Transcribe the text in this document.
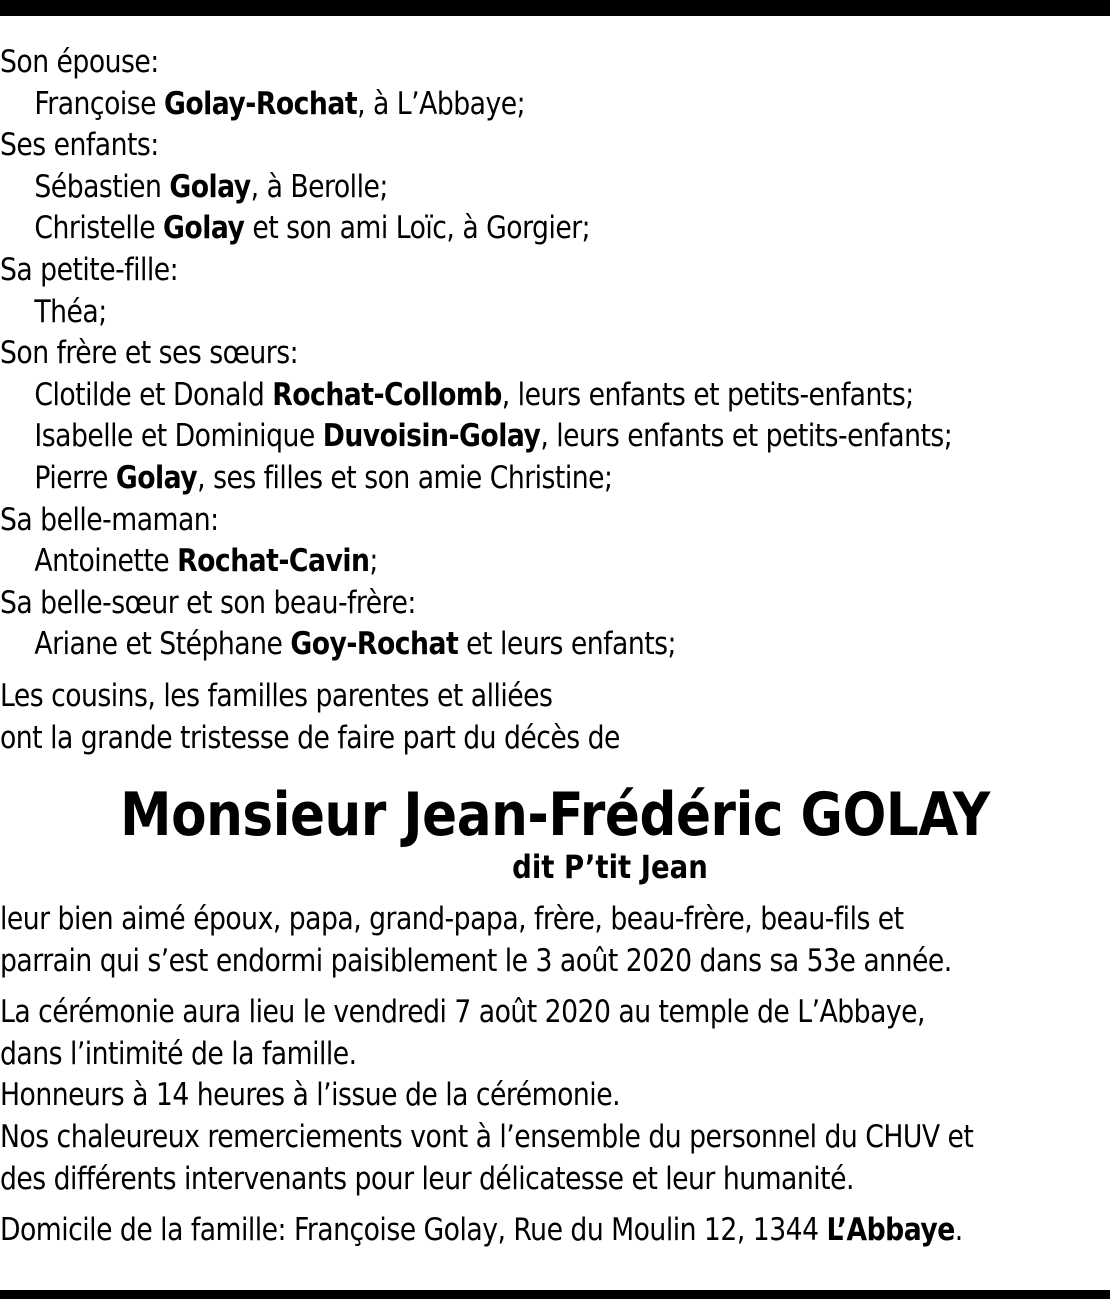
Son épouse:
Françoise Golay-Rochat, à L’Abbaye;
Ses enfants:
Sébastien Golay, à Berolle;
Christelle Golay et son ami Loïc, à Gorgier;
Sa petite-fille:
Théa;
Son frère et ses sœurs:
Clotilde et Donald Rochat-Collomb, leurs enfants et petits-enfants;
Isabelle et Dominique Duvoisin-Golay, leurs enfants et petits-enfants;
Pierre Golay, ses filles et son amie Christine;
Sa belle-maman:
Antoinette Rochat-Cavin;
Sa belle-sœur et son beau-frère:
Ariane et Stéphane Goy-Rochat et leurs enfants;
Les cousins, les familles parentes et alliées
ont la grande tristesse de faire part du décès de
Monsieur Jean-Frédéric GOLAY
dit P’tit Jean
leur bien aimé époux, papa, grand-papa, frère, beau-frère, beau-fils et
parrain qui s’est endormi paisiblement le 3 août 2020 dans sa 53e année.
La cérémonie aura lieu le vendredi 7 août 2020 au temple de L’Abbaye,
dans l’intimité de la famille.
Honneurs à 14 heures à l’issue de la cérémonie.
Nos chaleureux remerciements vont à l’ensemble du personnel du CHUV et
des différents intervenants pour leur délicatesse et leur humanité.
Domicile de la famille: Françoise Golay, Rue du Moulin 12, 1344 L’Abbaye.
